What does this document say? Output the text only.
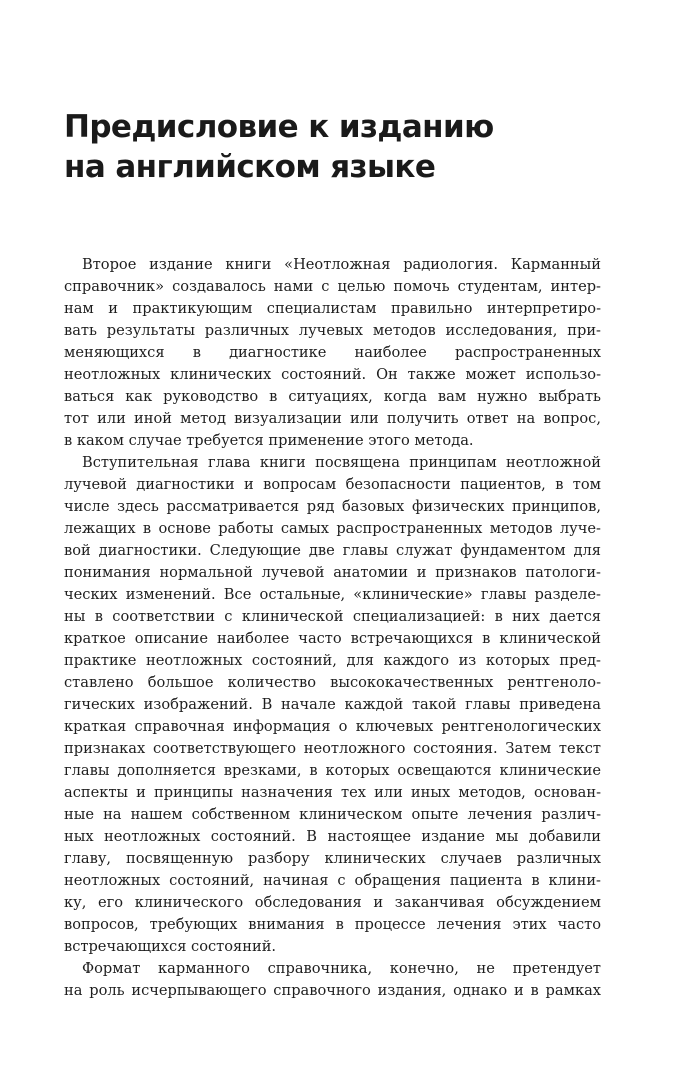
Предисловие к изданию
на английском языке
Второе издание книги «Неотложная радиология. Карманный
справочник» создавалось нами с целью помочь студентам, интер-
нам и практикующим специалистам правильно интерпретиро-
вать результаты различных лучевых методов исследования, при-
меняющихся в диагностике наиболее распространенных
неотложных клинических состояний. Он также может использо-
ваться как руководство в ситуациях, когда вам нужно выбрать
тот или иной метод визуализации или получить ответ на вопрос,
в каком случае требуется применение этого метода.
Вступительная глава книги посвящена принципам неотложной
лучевой диагностики и вопросам безопасности пациентов, в том
числе здесь рассматривается ряд базовых физических принципов,
лежащих в основе работы самых распространенных методов луче-
вой диагностики. Следующие две главы служат фундаментом для
понимания нормальной лучевой анатомии и признаков патологи-
ческих изменений. Все остальные, «клинические» главы разделе-
ны в соответствии с клинической специализацией: в них дается
краткое описание наиболее часто встречающихся в клинической
практике неотложных состояний, для каждого из которых пред-
ставлено большое количество высококачественных рентгеноло-
гических изображений. В начале каждой такой главы приведена
краткая справочная информация о ключевых рентгенологических
признаках соответствующего неотложного состояния. Затем текст
главы дополняется врезками, в которых освещаются клинические
аспекты и принципы назначения тех или иных методов, основан-
ные на нашем собственном клиническом опыте лечения различ-
ных неотложных состояний. В настоящее издание мы добавили
главу, посвященную разбору клинических случаев различных
неотложных состояний, начиная с обращения пациента в клини-
ку, его клинического обследования и заканчивая обсуждением
вопросов, требующих внимания в процессе лечения этих часто
встречающихся состояний.
Формат карманного справочника, конечно, не претендует
на роль исчерпывающего справочного издания, однако и в рамках
